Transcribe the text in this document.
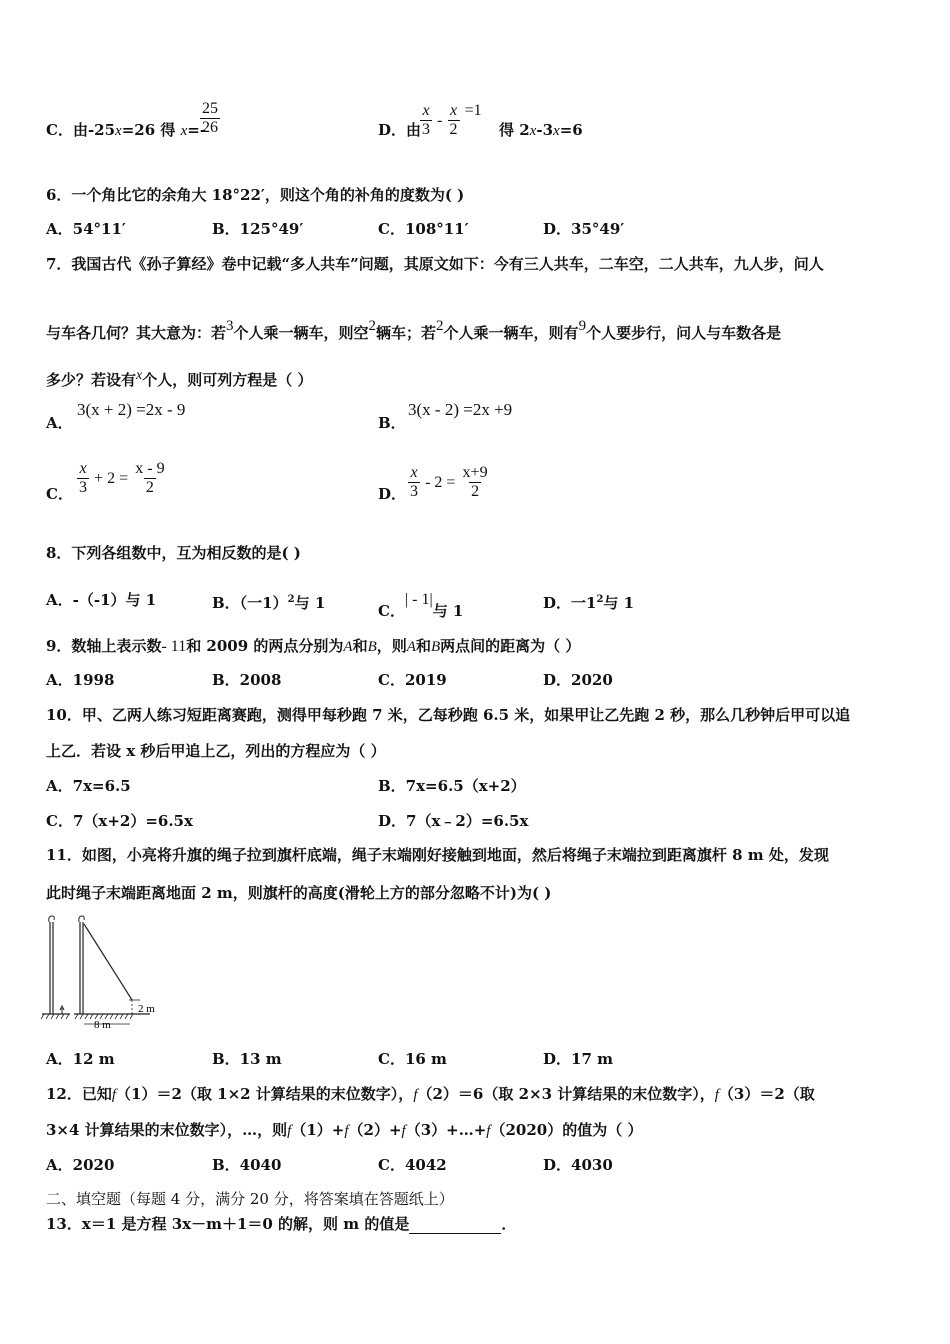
C．由-25x=26 得 x=-
$\frac{25}{26}$	D．由
$\frac{x}{3} - \frac{x}{2} =1$
得 2x-3x=6
6．一个角比它的余角大 18°22′，则这个角的补角的度数为( )
A．54°11′	B．125°49′	C．108°11′	D．35°49′
7．我国古代《孙子算经》卷中记载“多人共车”问题，其原文如下：今有三人共车，二车空，二人共车，九人步，问人
与车各几何？其大意为：若$^3$个人乘一辆车，则空$^2$辆车；若$^2$个人乘一辆车，则有$^9$个人要步行，问人与车数各是
多少？若设有$^x$个人，则可列方程是（ ）
A．
3(x + 2) =2x - 9
B．
3(x - 2) =2x +9
C． $\frac{x}{3} + 2 = \frac{x - 9}{2}$	D． $\frac{x}{3} - 2 = \frac{x+9}{2}$
8．下列各组数中，互为相反数的是( )
A．-（-1）与 1	B．（一1）$^2$与 1	C．| - 1|与 1	D．一$1^2$与 1
9．数轴上表示数- 11和 2009 的两点分别为A和B，则A和B两点间的距离为（ ）
A．1998	B．2008	C．2019	D．2020
10．甲、乙两人练习短距离赛跑，测得甲每秒跑 7 米，乙每秒跑 6.5 米，如果甲让乙先跑 2 秒，那么几秒钟后甲可以追
上乙．若设 x 秒后甲追上乙，列出的方程应为（ ）
A．7x=6.5	B．7x=6.5（x+2）
C．7（x+2）=6.5x	D．7（x﹣2）=6.5x
11．如图，小亮将升旗的绳子拉到旗杆底端，绳子末端刚好接触到地面，然后将绳子末端拉到距离旗杆 8 m 处，发现
此时绳子末端距离地面 2 m，则旗杆的高度(滑轮上方的部分忽略不计)为( )
2 m
8 m
A．12 m	B．13 m	C．16 m	D．17 m
12．已知f（1）＝2（取 1×2 计算结果的末位数字），f（2）＝6（取 2×3 计算结果的末位数字），f（3）＝2（取
3×4 计算结果的末位数字），…，则f（1）+f（2）+f（3）+…+f（2020）的值为（ ）
A．2020	B．4040	C．4042	D．4030
二、填空题（每题 4 分，满分 20 分，将答案填在答题纸上）
13．x＝1 是方程 3x－m＋1＝0 的解，则 m 的值是	．
